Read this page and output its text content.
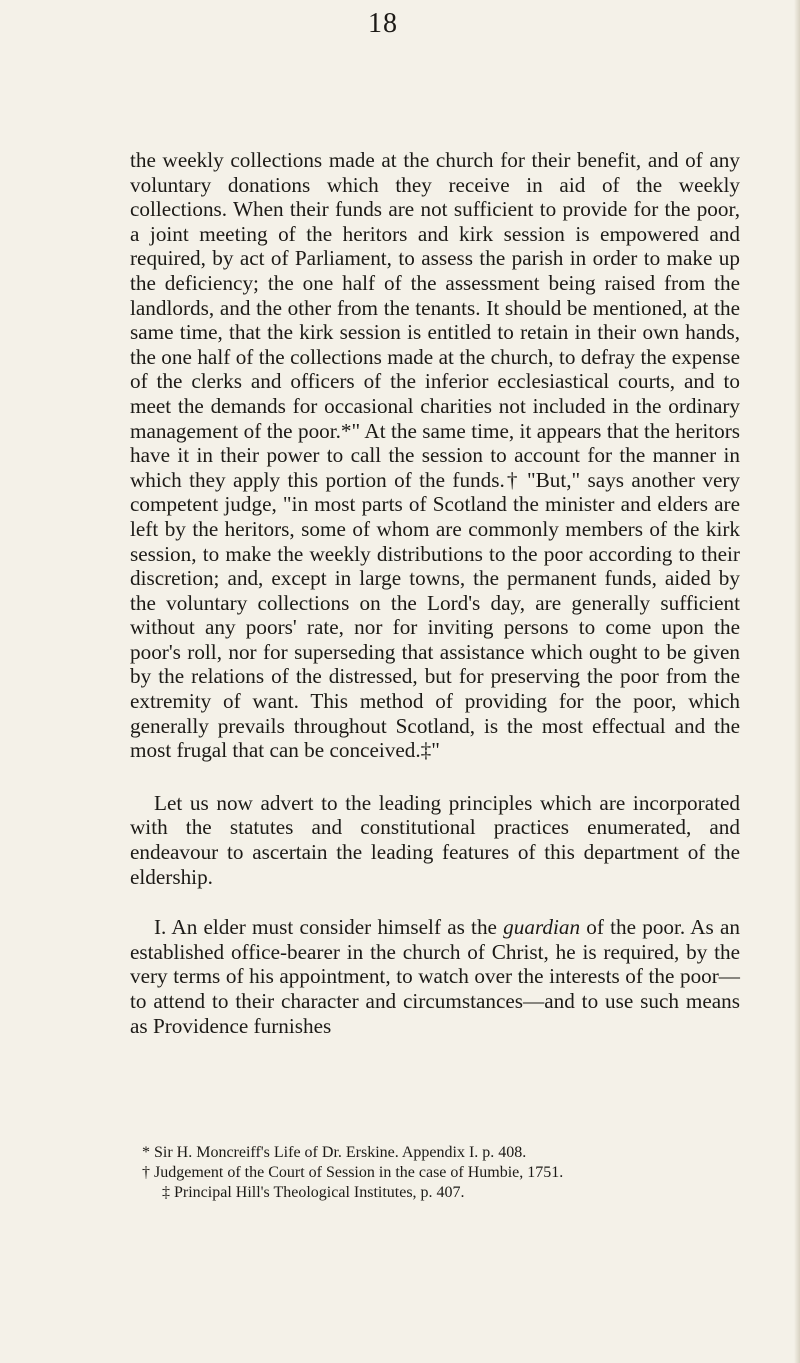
18

the weekly collections made at the church for their benefit, and of any voluntary donations which they receive in aid of the weekly collections. When their funds are not sufficient to provide for the poor, a joint meeting of the heritors and kirk session is empowered and required, by act of Parliament, to assess the parish in order to make up the deficiency; the one half of the assessment being raised from the landlords, and the other from the tenants. It should be mentioned, at the same time, that the kirk session is entitled to retain in their own hands, the one half of the collections made at the church, to defray the expense of the clerks and officers of the inferior ecclesiastical courts, and to meet the demands for occasional charities not included in the ordinary management of the poor.*" At the same time, it appears that the heritors have it in their power to call the session to account for the manner in which they apply this portion of the funds.† "But," says another very competent judge, "in most parts of Scotland the minister and elders are left by the heritors, some of whom are commonly members of the kirk session, to make the weekly distributions to the poor according to their discretion; and, except in large towns, the permanent funds, aided by the voluntary collections on the Lord's day, are generally sufficient without any poors' rate, nor for inviting persons to come upon the poor's roll, nor for superseding that assistance which ought to be given by the relations of the distressed, but for preserving the poor from the extremity of want. This method of providing for the poor, which generally prevails throughout Scotland, is the most effectual and the most frugal that can be conceived.‡"

Let us now advert to the leading principles which are incorporated with the statutes and constitutional practices enumerated, and endeavour to ascertain the leading features of this department of the eldership.

I. An elder must consider himself as the guardian of the poor. As an established office-bearer in the church of Christ, he is required, by the very terms of his appointment, to watch over the interests of the poor—to attend to their character and circumstances—and to use such means as Providence furnishes

* Sir H. Moncreiff's Life of Dr. Erskine. Appendix I. p. 408.

† Judgement of the Court of Session in the case of Humbie, 1751.

‡ Principal Hill's Theological Institutes, p. 407.
